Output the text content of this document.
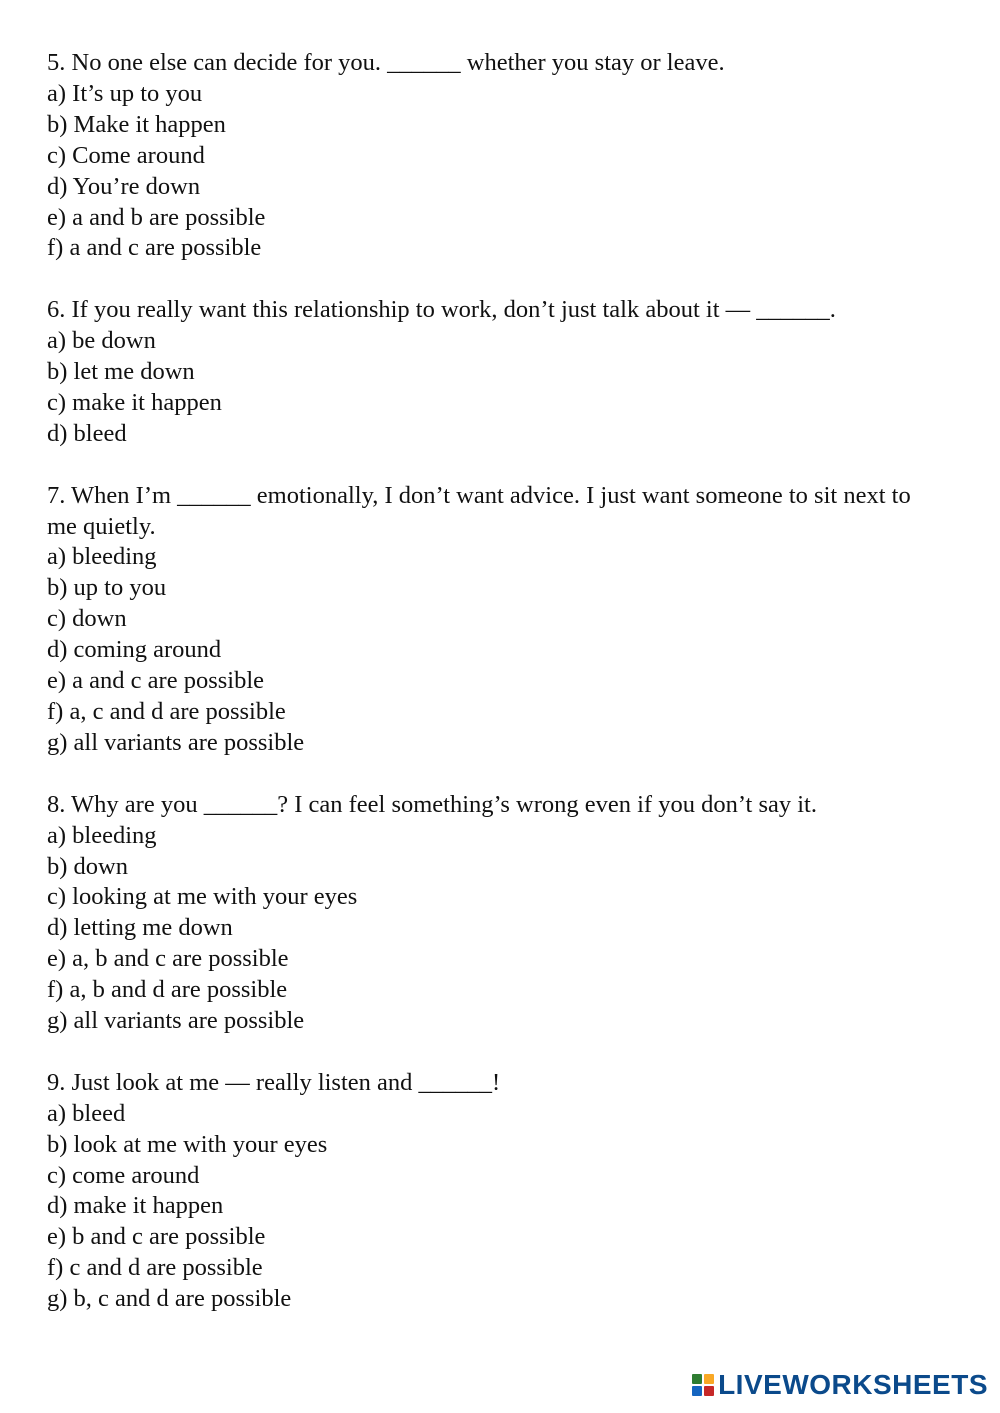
5. No one else can decide for you. ______ whether you stay or leave.

a) It’s up to you

b) Make it happen

c) Come around

d) You’re down

e) a and b are possible

f) a and c are possible

6. If you really want this relationship to work, don’t just talk about it — ______.

a) be down

b) let me down

c) make it happen

d) bleed

7. When I’m ______ emotionally, I don’t want advice. I just want someone to sit next to me quietly.

a) bleeding

b) up to you

c) down

d) coming around

e) a and c are possible

f) a, c and d are possible

g) all variants are possible

8. Why are you ______? I can feel something’s wrong even if you don’t say it.

a) bleeding

b) down

c) looking at me with your eyes

d) letting me down

e) a, b and c are possible

f) a, b and d are possible

g) all variants are possible

9. Just look at me — really listen and ______!

a) bleed

b) look at me with your eyes

c) come around

d) make it happen

e) b and c are possible

f) c and d are possible

g) b, c and d are possible

LIVEWORKSHEETS
